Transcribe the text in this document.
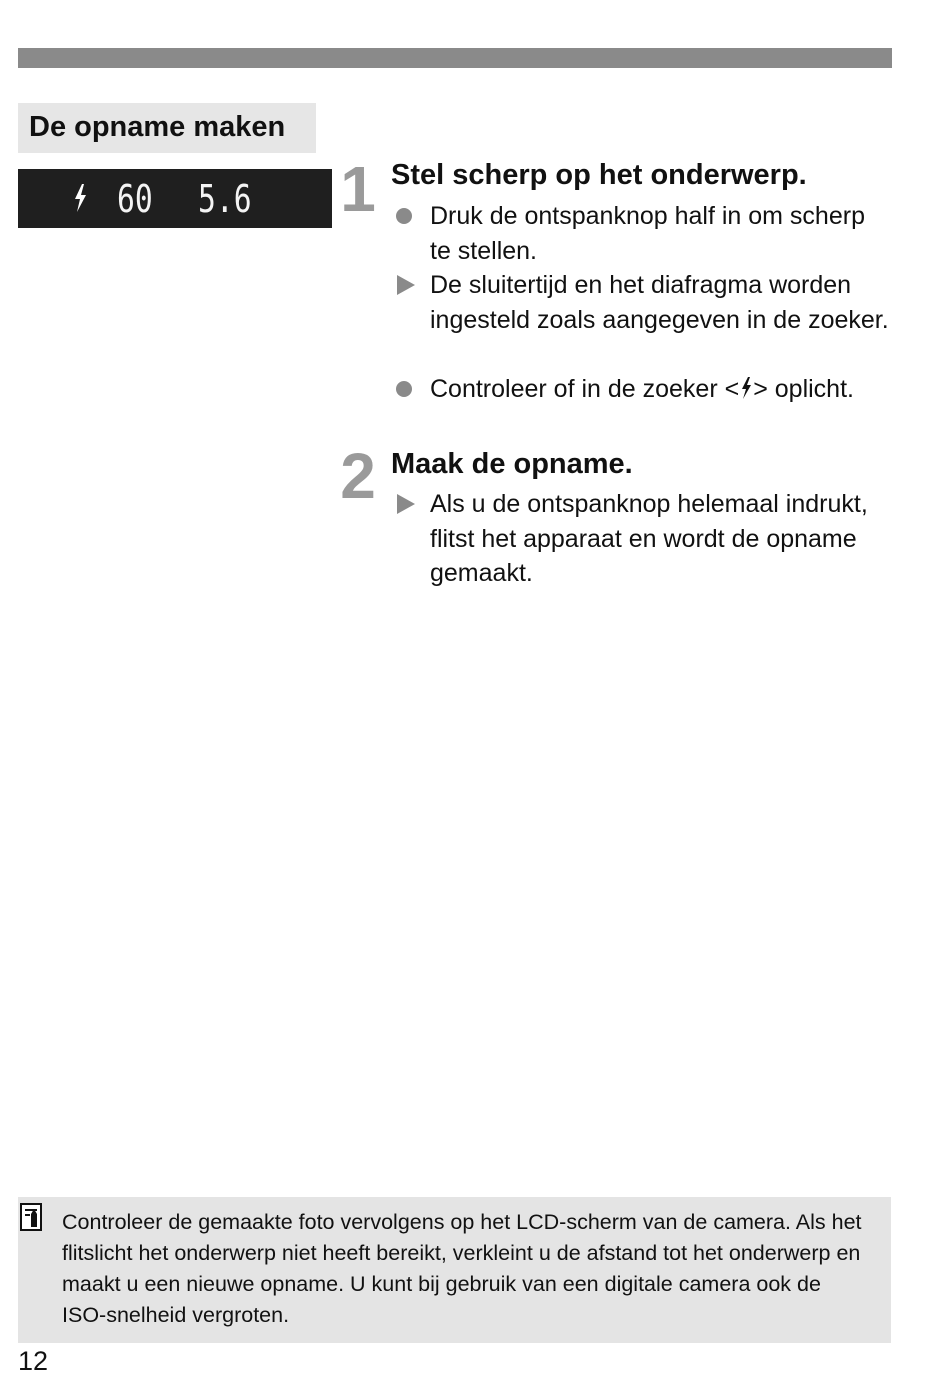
De opname maken
60 5.6 1 Stel scherp op het onderwerp.
Druk de ontspanknop half in om scherp te stellen.
De sluitertijd en het diafragma worden ingesteld zoals aangegeven in de zoeker.
Controleer of in de zoeker < > oplicht.
2 Maak de opname.
Als u de ontspanknop helemaal indrukt, flitst het apparaat en wordt de opname gemaakt.
Controleer de gemaakte foto vervolgens op het LCD-scherm van de camera. Als het flitslicht het onderwerp niet heeft bereikt, verkleint u de afstand tot het onderwerp en maakt u een nieuwe opname. U kunt bij gebruik van een digitale camera ook de ISO-snelheid vergroten.
12
